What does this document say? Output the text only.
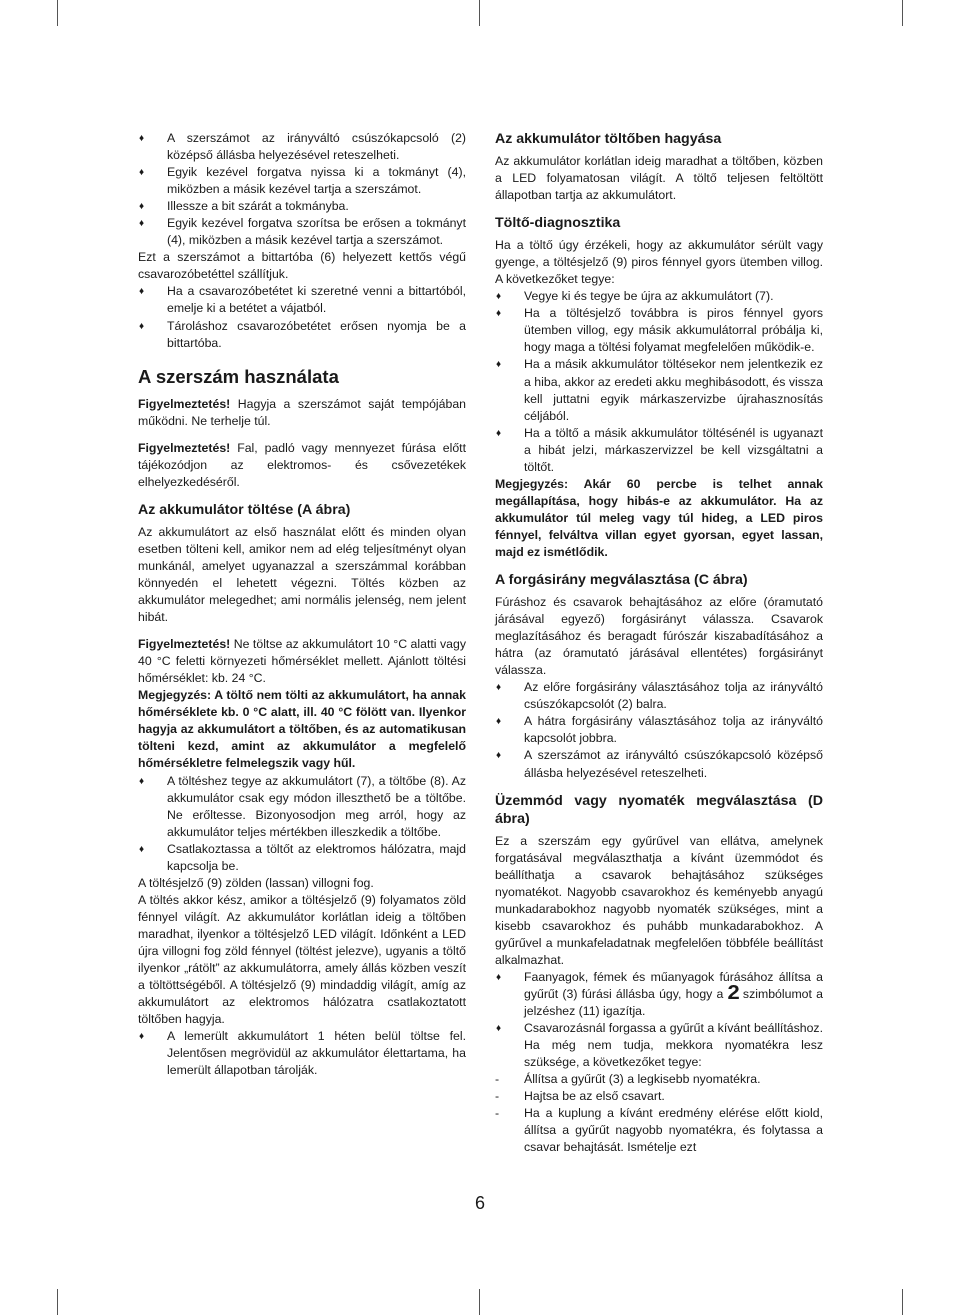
♦ A szerszámot az irányváltó csúszókapcsoló (2) középső állásba helyezésével reteszelheti.
♦ Egyik kezével forgatva nyissa ki a tokmányt (4), miközben a másik kezével tartja a szerszámot.
♦ Illessze a bit szárát a tokmányba.
♦ Egyik kezével forgatva szorítsa be erősen a tokmányt (4), miközben a másik kezével tartja a szerszámot.

Ezt a szerszámot a bittartóba (6) helyezett kettős végű csavarozóbetéttel szállítjuk.

♦ Ha a csavarozóbetétet ki szeretné venni a bittartóból, emelje ki a betétet a vájatból.
♦ Tároláshoz csavarozóbetétet erősen nyomja be a bittartóba.
A szerszám használata

Figyelmeztetés! Hagyja a szerszámot saját tempójában működni. Ne terhelje túl.

Figyelmeztetés! Fal, padló vagy mennyezet fúrása előtt tájékozódjon az elektromos- és csővezetékek elhelyezkedéséről.

Az akkumulátor töltése (A ábra)

Az akkumulátort az első használat előtt és minden olyan esetben tölteni kell, amikor nem ad elég teljesítményt olyan munkánál, amelyet ugyanazzal a szerszámmal korábban könnyedén el lehetett végezni. Töltés közben az akkumulátor melegedhet; ami normális jelenség, nem jelent hibát.

Figyelmeztetés! Ne töltse az akkumulátort 10 °C alatti vagy 40 °C feletti környezeti hőmérséklet mellett. Ajánlott töltési hőmérséklet: kb. 24 °C.

Megjegyzés: A töltő nem tölti az akkumulátort, ha annak hőmérséklete kb. 0 °C alatt, ill. 40 °C fölött van. Ilyenkor hagyja az akkumulátort a töltőben, és az automatikusan tölteni kezd, amint az akkumulátor a megfelelő hőmérsékletre felmelegszik vagy hűl.

♦ A töltéshez tegye az akkumulátort (7), a töltőbe (8). Az akkumulátor csak egy módon illeszthető be a töltőbe. Ne erőltesse. Bizonyosodjon meg arról, hogy az akkumulátor teljes mértékben illeszkedik a töltőbe.
♦ Csatlakoztassa a töltőt az elektromos hálózatra, majd kapcsolja be.

A töltésjelző (9) zölden (lassan) villogni fog.

A töltés akkor kész, amikor a töltésjelző (9) folyamatos zöld fénnyel világít. Az akkumulátor korlátlan ideig a töltőben maradhat, ilyenkor a töltésjelző LED világít. Időnként a LED újra villogni fog zöld fénnyel (töltést jelezve), ugyanis a töltő ilyenkor „rátölt” az akkumulátorra, amely állás közben veszít a töltöttségéből. A töltésjelző (9) mindaddig világít, amíg az akkumulátort az elektromos hálózatra csatlakoztatott töltőben hagyja.

♦ A lemerült akkumulátort 1 héten belül töltse fel. Jelentősen megrövidül az akkumulátor élettartama, ha lemerült állapotban tárolják.
Az akkumulátor töltőben hagyása

Az akkumulátor korlátlan ideig maradhat a töltőben, közben a LED folyamatosan világít. A töltő teljesen feltöltött állapotban tartja az akkumulátort.

Töltő-diagnosztika

Ha a töltő úgy érzékeli, hogy az akkumulátor sérült vagy gyenge, a töltésjelző (9) piros fénnyel gyors ütemben villog. A következőket tegye:

♦ Vegye ki és tegye be újra az akkumulátort (7).
♦ Ha a töltésjelző továbbra is piros fénnyel gyors ütemben villog, egy másik akkumulátorral próbálja ki, hogy maga a töltési folyamat megfelelően működik-e.
♦ Ha a másik akkumulátor töltésekor nem jelentkezik ez a hiba, akkor az eredeti akku meghibásodott, és vissza kell juttatni egyik márkaszervizbe újrahasznosítás céljából.
♦ Ha a töltő a másik akkumulátor töltésénél is ugyanazt a hibát jelzi, márkaszervizzel be kell vizsgáltatni a töltőt.

Megjegyzés: Akár 60 percbe is telhet annak megállapítása, hogy hibás-e az akkumulátor. Ha az akkumulátor túl meleg vagy túl hideg, a LED piros fénnyel, felváltva villan egyet gyorsan, egyet lassan, majd ez ismétlődik.

A forgásirány megválasztása (C ábra)

Fúráshoz és csavarok behajtásához az előre (óramutató járásával egyező) forgásirányt válassza. Csavarok meglazításához és beragadt fúrószár kiszabadításához a hátra (az óramutató járásával ellentétes) forgásirányt válassza.

♦ Az előre forgásirány választásához tolja az irányváltó csúszókapcsolót (2) balra.
♦ A hátra forgásirány választásához tolja az irányváltó kapcsolót jobbra.
♦ A szerszámot az irányváltó csúszókapcsoló középső állásba helyezésével reteszelheti.
Üzemmód vagy nyomaték megválasztása (D ábra)

Ez a szerszám egy gyűrűvel van ellátva, amelynek forgatásával megválaszthatja a kívánt üzemmódot és beállíthatja a csavarok behajtásához szükséges nyomatékot. Nagyobb csavarokhoz és keményebb anyagú munkadarabokhoz nagyobb nyomaték szükséges, mint a kisebb csavarokhoz és puhább munkadarabokhoz. A gyűrűvel a munkafeladatnak megfelelően többféle beállítást alkalmazhat.

♦ Faanyagok, fémek és műanyagok fúrásához állítsa a gyűrűt (3) fúrási állásba úgy, hogy a 2 szimbólumot a jelzéshez (11) igazítja.
♦ Csavarozásnál forgassa a gyűrűt a kívánt beállításhoz. Ha még nem tudja, mekkora nyomatékra lesz szüksége, a következőket tegye:
- Állítsa a gyűrűt (3) a legkisebb nyomatékra.
- Hajtsa be az első csavart.
- Ha a kuplung a kívánt eredmény elérése előtt kiold, állítsa a gyűrűt nagyobb nyomatékra, és folytassa a csavar behajtását. Ismételje ezt
6
